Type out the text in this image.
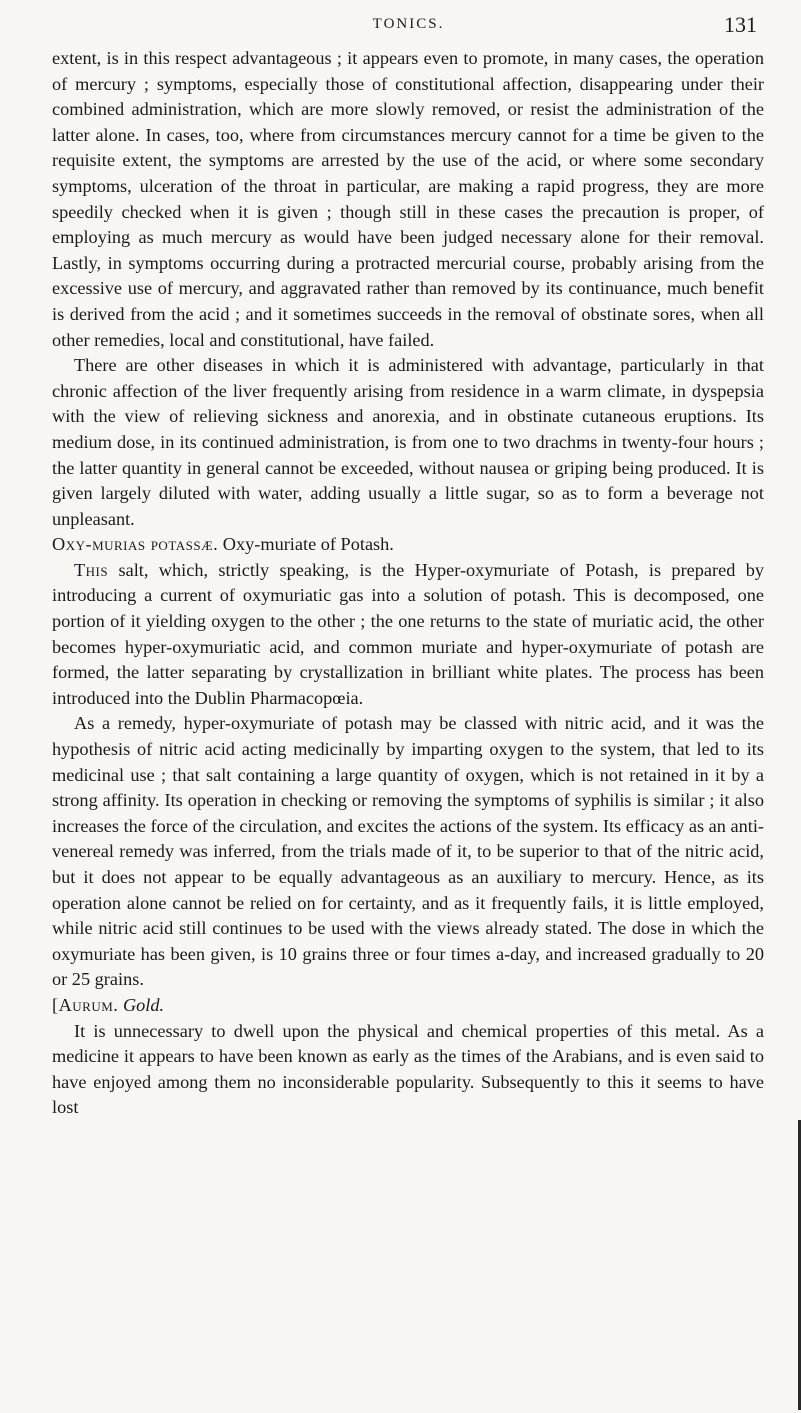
TONICS.	131

extent, is in this respect advantageous ; it appears even to promote, in many cases, the operation of mercury ; symptoms, especially those of constitutional affection, disappearing under their combined administration, which are more slowly removed, or resist the administration of the latter alone. In cases, too, where from circumstances mercury cannot for a time be given to the requisite extent, the symptoms are arrested by the use of the acid, or where some secondary symptoms, ulceration of the throat in particular, are making a rapid progress, they are more speedily checked when it is given ; though still in these cases the precaution is proper, of employing as much mercury as would have been judged necessary alone for their removal. Lastly, in symptoms occurring during a protracted mercurial course, probably arising from the excessive use of mercury, and aggravated rather than removed by its continuance, much benefit is derived from the acid ; and it sometimes succeeds in the removal of obstinate sores, when all other remedies, local and constitutional, have failed.

There are other diseases in which it is administered with advantage, particularly in that chronic affection of the liver frequently arising from residence in a warm climate, in dyspepsia with the view of relieving sickness and anorexia, and in obstinate cutaneous eruptions. Its medium dose, in its continued administration, is from one to two drachms in twenty-four hours ; the latter quantity in general cannot be exceeded, without nausea or griping being produced. It is given largely diluted with water, adding usually a little sugar, so as to form a beverage not unpleasant.

Oxy-murias potassæ. Oxy-muriate of Potash.

This salt, which, strictly speaking, is the Hyper-oxymuriate of Potash, is prepared by introducing a current of oxymuriatic gas into a solution of potash. This is decomposed, one portion of it yielding oxygen to the other ; the one returns to the state of muriatic acid, the other becomes hyper-oxymuriatic acid, and common muriate and hyper-oxymuriate of potash are formed, the latter separating by crystallization in brilliant white plates. The process has been introduced into the Dublin Pharmacopœia.

As a remedy, hyper-oxymuriate of potash may be classed with nitric acid, and it was the hypothesis of nitric acid acting medicinally by imparting oxygen to the system, that led to its medicinal use ; that salt containing a large quantity of oxygen, which is not retained in it by a strong affinity. Its operation in checking or removing the symptoms of syphilis is similar ; it also increases the force of the circulation, and excites the actions of the system. Its efficacy as an anti-venereal remedy was inferred, from the trials made of it, to be superior to that of the nitric acid, but it does not appear to be equally advantageous as an auxiliary to mercury. Hence, as its operation alone cannot be relied on for certainty, and as it frequently fails, it is little employed, while nitric acid still continues to be used with the views already stated. The dose in which the oxymuriate has been given, is 10 grains three or four times a-day, and increased gradually to 20 or 25 grains.

[Aurum. Gold.

It is unnecessary to dwell upon the physical and chemical properties of this metal. As a medicine it appears to have been known as early as the times of the Arabians, and is even said to have enjoyed among them no inconsiderable popularity. Subsequently to this it seems to have lost
